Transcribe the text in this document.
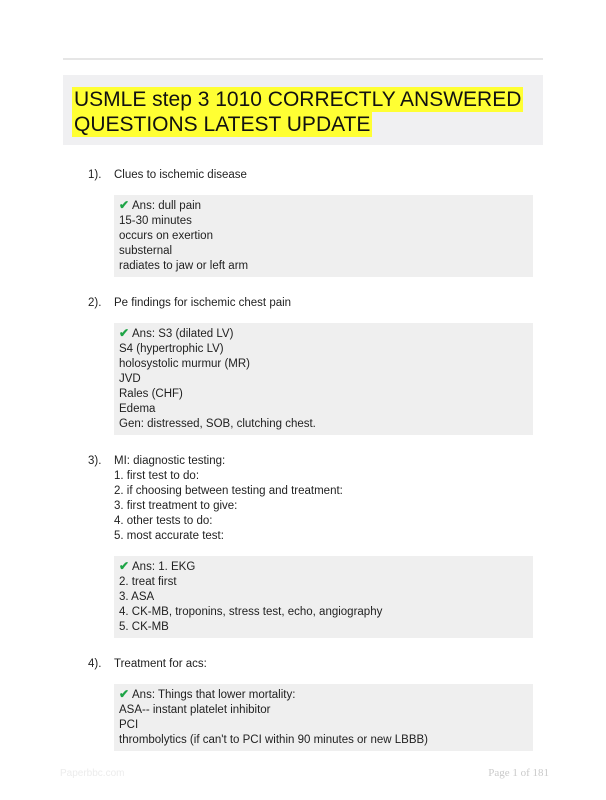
USMLE step 3 1010 CORRECTLY ANSWERED
QUESTIONS LATEST UPDATE
1). Clues to ischemic disease
✔ Ans: dull pain
15-30 minutes
occurs on exertion
substernal
radiates to jaw or left arm
2). Pe findings for ischemic chest pain
✔ Ans: S3 (dilated LV)
S4 (hypertrophic LV)
holosystolic murmur (MR)
JVD
Rales (CHF)
Edema
Gen: distressed, SOB, clutching chest.
3). MI: diagnostic testing:
1. first test to do:
2. if choosing between testing and treatment:
3. first treatment to give:
4. other tests to do:
5. most accurate test:
✔ Ans: 1. EKG
2. treat first
3. ASA
4. CK-MB, troponins, stress test, echo, angiography
5. CK-MB
4). Treatment for acs:
✔ Ans: Things that lower mortality:
ASA-- instant platelet inhibitor
PCI
thrombolytics (if can't to PCI within 90 minutes or new LBBB)
Paperbbc.com	Page 1 of 181
